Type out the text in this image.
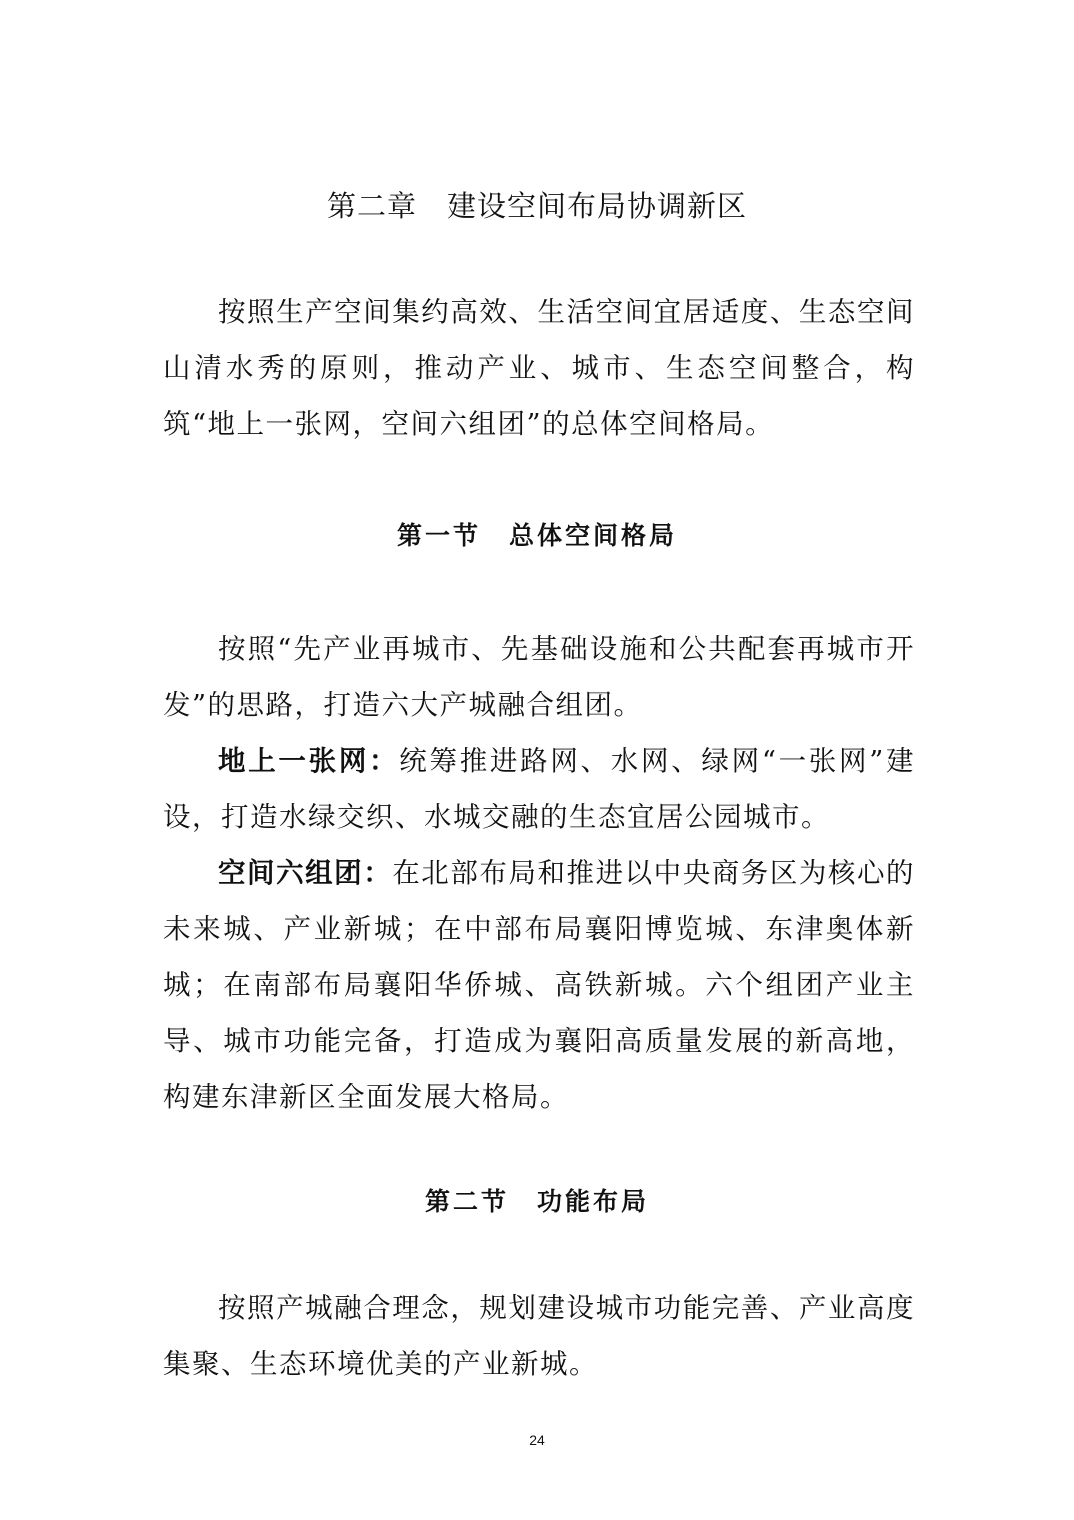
第二章　建设空间布局协调新区

按照生产空间集约高效、生活空间宜居适度、生态空间山清水秀的原则，推动产业、城市、生态空间整合，构筑“地上一张网，空间六组团”的总体空间格局。

第一节　总体空间格局

按照“先产业再城市、先基础设施和公共配套再城市开发”的思路，打造六大产城融合组团。

地上一张网：统筹推进路网、水网、绿网“一张网”建设，打造水绿交织、水城交融的生态宜居公园城市。

空间六组团：在北部布局和推进以中央商务区为核心的未来城、产业新城；在中部布局襄阳博览城、东津奥体新城；在南部布局襄阳华侨城、高铁新城。六个组团产业主导、城市功能完备，打造成为襄阳高质量发展的新高地，构建东津新区全面发展大格局。

第二节　功能布局

按照产城融合理念，规划建设城市功能完善、产业高度集聚、生态环境优美的产业新城。

24
